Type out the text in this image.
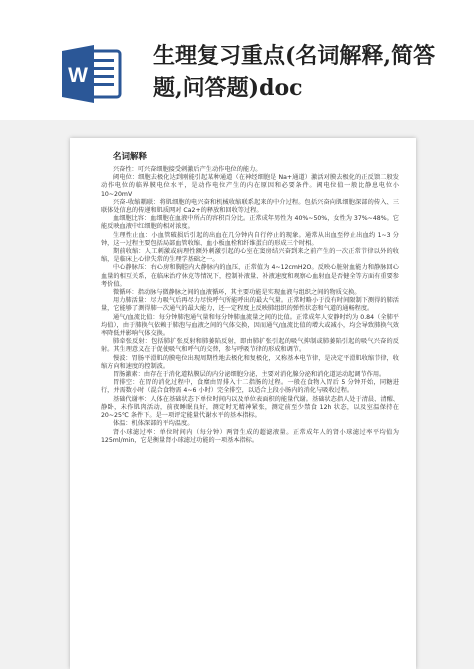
W
生理复习重点(名词解释,简答题,问答题)doc
名词解释

兴奋性：可兴奋细胞接受刺激后产生动作电位的能力。

阈电位：细胞去极化达到刚能引起某种通道（在神经细胞是 Na+通道）激活对膜去极化的正反馈二般发动作电位的临界膜电位水平，是动作电位产生的内在原因和必要条件。阈电位值一般比静息电位小 10~20mV

兴奋-收缩耦联：将肌细胞的电兴奋和机械收缩联系起来的中介过程。包括兴奋向肌细胞深部的传入、三联体处信息的传递和肌质网对 Ca2+的释放和回收等过程。

血细胞比容：血细胞在血液中所占的容积百分比。正常成年男性为 40%~50%，女性为 37%~48%。它能反映血液中红细胞的相对浓度。

生理性止血：小血管破损后引起的出血在几分钟内自行停止的现象。通常从出血至停止出血约 1~3 分钟，这一过程主要包括局部血管收缩、血小板血栓和纤维蛋白的形成三个时相。

期前收缩：人工刺激或病理性额外刺激引起的心室在窦房结兴奋到来之前产生的一次正常节律以外的收缩，是临床上心律失常的生理学基础之一。

中心静脉压：右心房和胸腔内大静脉内的血压，正常值为 4~12cmH2O。反映心脏射血能力和静脉回心血量的相互关系，在临床治疗休克等情况下，控制补液量、补液速度和观察心血射血是否健全等方面有重要参考价值。

微循环：指动脉与微静脉之间的血液循环，其主要功能是实现血液与组织之间的物质交换。

用力肺活量：尽力吸气后再尽力尽快呼气所能呼出的最大气量。正常时略小于没有时间限制下测得的肺活量，它能够了测得肺一次通气的最大能力，还一定程度上反映肺组织的弹性状态和气道的通畅程度。

通气/血流比值：每分钟肺泡通气量和每分钟肺血流量之间的比值。正常成年人安静时约为 0.84（全肺平均值），由于肺换气依赖于肺泡与血液之间的气体交换，因而通气/血流比值的增大或减小，均会导致肺换气效率降低并影响气体交换。

肺牵张反射：包括肺扩张反射和肺萎陷反射，即由肺扩张引起的吸气抑制或肺萎陷引起的吸气兴奋的反射。其生理意义在于促使吸气和呼气的交替，参与呼吸节律的形成和调节。

慢波：胃肠平滑肌的膜电位出现周期性地去极化和复极化，又称基本电节律，是决定平滑肌收缩节律，收缩方向和速度的控制波。

胃肠激素：由存在于消化道粘膜层的内分泌细胞分泌，主要对消化腺分泌和消化道运动起调节作用。

胃排空：在胃的消化过程中，食糜由胃排入十二指肠的过程。一般在食物入胃后 5 分钟开始，同糖进行，并需数小时（混合食物需 4~6 小时）完全排空，以适合上段小肠内的消化与吸收过程。

基础代谢率：人体在基础状态下单位时间内以及单位表面积的能量代谢。基础状态指人处于清晨、清醒、静卧，未作肌肉活动，前夜睡眠良好，测定时无精神紧张，测定前至少禁食 12h 状态，以及室温保持在 20~25℃ 条件下。是一项评定能量代谢水平的基本指标。

体温：机体深部的平均温度。

肾小球滤过率：单位时间内（每分钟）两肾生成的超滤液量。正常成年人的肾小球滤过率平均值为 125ml/min，它是衡量肾小球滤过功能的一项基本指标。
